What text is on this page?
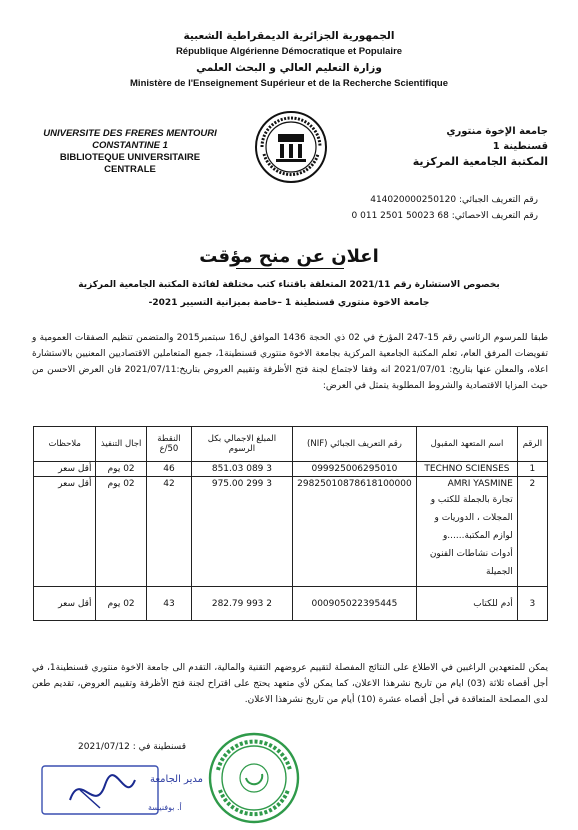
الجمهورية الجزائرية الديمقراطية الشعبية
République Algérienne Démocratique et Populaire
وزارة التعليم العالي و البحث العلمي
Ministère de l'Enseignement Supérieur et de la Recherche Scientifique
UNIVERSITE DES FRERES MENTOURI
CONSTANTINE 1
BIBLIOTEQUE UNIVERSITAIRE
CENTRALE
جامعة الإخوة منتوري
قسنطينة 1
المكتبة الجامعية المركزية
رقم التعريف الجبائي: 414020000250120
رقم التعريف الاحصائي: 0 011 2501 50023 68
اعلان عن منح مؤقت
بخصوص الاستشارة رقم 2021/11 المتعلقة باقتناء كتب مختلفة لفائدة المكتبة الجامعية المركزية
جامعة الاخوة منتوري قسنطينة 1 –خاصة بميزانية التسيير 2021-
طبقا للمرسوم الرئاسي رقم 15-247 المؤرخ في 02 ذي الحجة 1436 الموافق ل16 سبتمبر2015 والمتضمن تنظيم الصفقات العمومية و تفويضات المرفق العام، تعلم المكتبة الجامعية المركزية بجامعة الاخوة منتوري قسنطينة1، جميع المتعاملين الاقتصاديين المعنيين بالاستشارة اعلاه، والمعلن عنها بتاريخ: 2021/07/01 انه وفقا لاجتماع لجنة فتح الأظرفة وتقييم العروض بتاريخ:2021/07/11 فان العرض الاحسن من حيث المزايا الاقتصادية والشروط المطلوبة يتمثل في العرض:
الرقم	اسم المتعهد المقبول	رقم التعريف الجبائي (NIF)	المبلغ الاجمالي بكل الرسوم	النقطة 50/ع	اجال التنفيذ	ملاحظات
1	TECHNO SCIENSES	099925006295010	3 089 851.03	46	02 يوم	أقل سعر
2	AMRI YASMINE
تجارة بالجملة للكتب و المجلات ، الدوريات و لوازم المكتبة......و أدوات نشاطات الفنون الجميلة	29825010878618100000	3 299 975.00	42	02 يوم	أقل سعر
3	أدم للكتاب	000905022395445	2 993 282.79	43	02 يوم	أقل سعر
يمكن للمتعهدين الراغبين في الاطلاع على النتائج المفصلة لتقييم عروضهم التقنية والمالية، التقدم الى جامعة الاخوة منتوري قسنطينة1، في أجل أقصاه ثلاثة (03) ايام من تاريخ نشرهذا الاعلان، كما يمكن لأي متعهد يحتج على اقتراح لجنة فتح الأظرفة وتقييم العروض، تقديم طعن لدى المصلحة المتعاقدة في أجل أقصاه عشرة (10) أيام من تاريخ نشرهذا الاعلان.
قسنطينة في : 2021/07/12
مدير الجامعة
أ. بوفنيسة
